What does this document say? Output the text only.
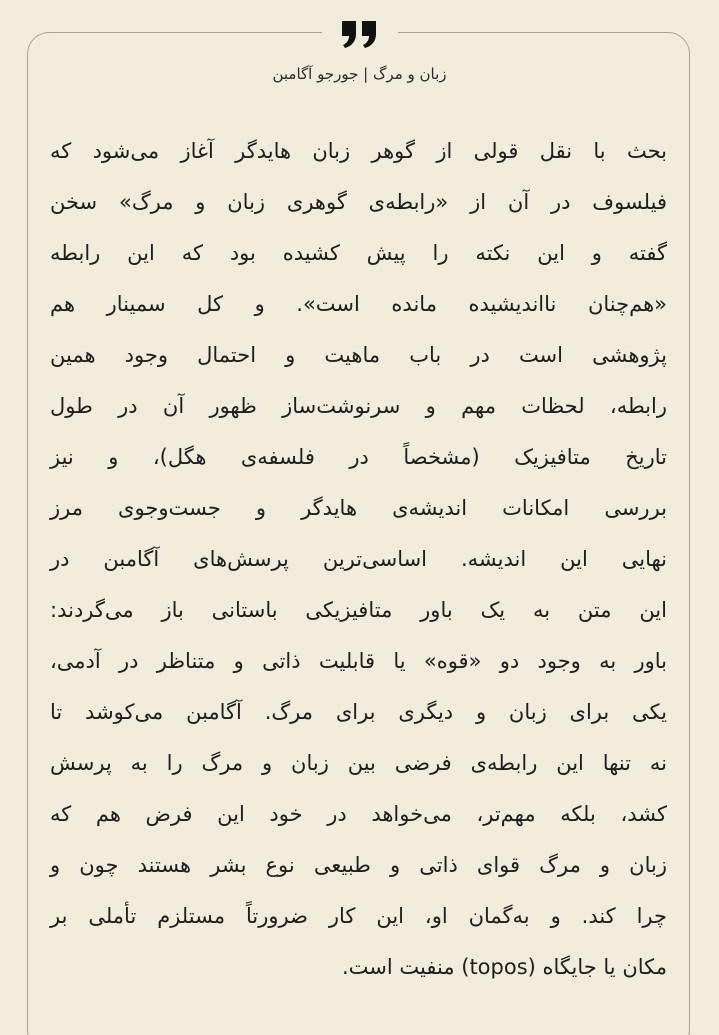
زبان و مرگ | جورجو آگامبن
بحث با نقل قولی از گوهر زبان هایدگر آغاز می‌شود که
فیلسوف در آن از «رابطه‌ی گوهری زبان و مرگ» سخن
گفته و این نکته را پیش کشیده بود که این رابطه
«هم‌چنان نااندیشیده مانده است». و کل سمینار هم
پژوهشی است در باب ماهیت و احتمال وجود همین
رابطه، لحظات مهم و سرنوشت‌ساز ظهور آن در طول
تاریخ متافیزیک (مشخصاً در فلسفه‌ی هگل)، و نیز
بررسی امکانات اندیشه‌ی هایدگر و جست‌وجوی مرز
نهایی این اندیشه. اساسی‌ترین پرسش‌های آگامبن در
این متن به یک باور متافیزیکی باستانی باز می‌گردند:
باور به وجود دو «قوه» یا قابلیت ذاتی و متناظر در آدمی،
یکی برای زبان و دیگری برای مرگ. آگامبن می‌کوشد تا
نه تنها این رابطه‌ی فرضی بین زبان و مرگ را به پرسش
کشد، بلکه مهم‌تر، می‌خواهد در خود این فرض هم که
زبان و مرگ قوای ذاتی و طبیعی نوع بشر هستند چون و
چرا کند. و به‌گمان او، این کار ضرورتاً مستلزم تأملی بر
مکان یا جایگاه (topos) منفیت است.
